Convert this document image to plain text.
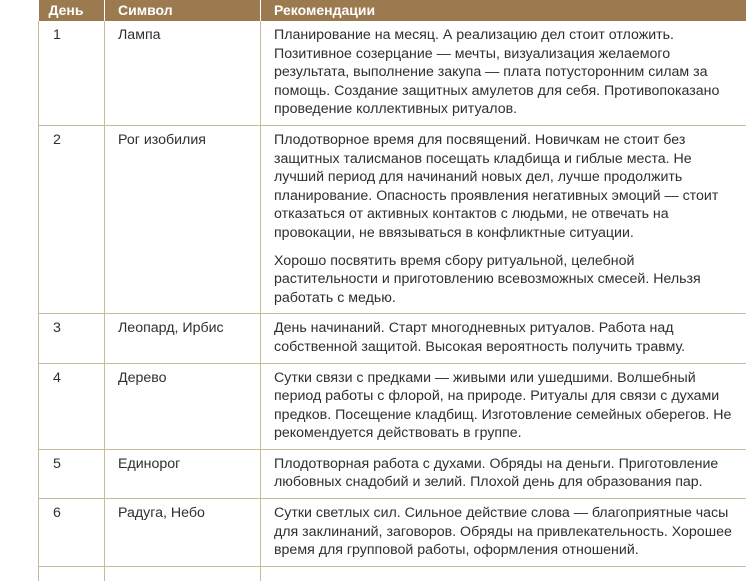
День	Символ	Рекомендации
1	Лампа	Планирование на месяц. А реализацию дел стоит отложить. Позитивное созерцание — мечты, визуализация желаемого результата, выполнение закупа — плата потусторонним силам за помощь. Создание защитных амулетов для себя. Противопоказано проведение коллективных ритуалов.

2	Рог изобилия	Плодотворное время для посвящений. Новичкам не стоит без защитных талисманов посещать кладбища и гиблые места. Не лучший период для начинаний новых дел, лучше продолжить планирование. Опасность проявления негативных эмоций — стоит отказаться от активных контактов с людьми, не отвечать на провокации, не ввязываться в конфликтные ситуации.
Хорошо посвятить время сбору ритуальной, целебной растительности и приготовлению всевозможных смесей. Нельзя работать с медью.

3	Леопард, Ирбис	День начинаний. Старт многодневных ритуалов. Работа над собственной защитой. Высокая вероятность получить травму.

4	Дерево	Сутки связи с предками — живыми или ушедшими. Волшебный период работы с флорой, на природе. Ритуалы для связи с духами предков. Посещение кладбищ. Изготовление семейных оберегов. Не рекомендуется действовать в группе.

5	Единорог	Плодотворная работа с духами. Обряды на деньги. Приготовление любовных снадобий и зелий. Плохой день для образования пар.

6	Радуга, Небо	Сутки светлых сил. Сильное действие слова — благоприятные часы для заклинаний, заговоров. Обряды на привлекательность. Хорошее время для групповой работы, оформления отношений.
